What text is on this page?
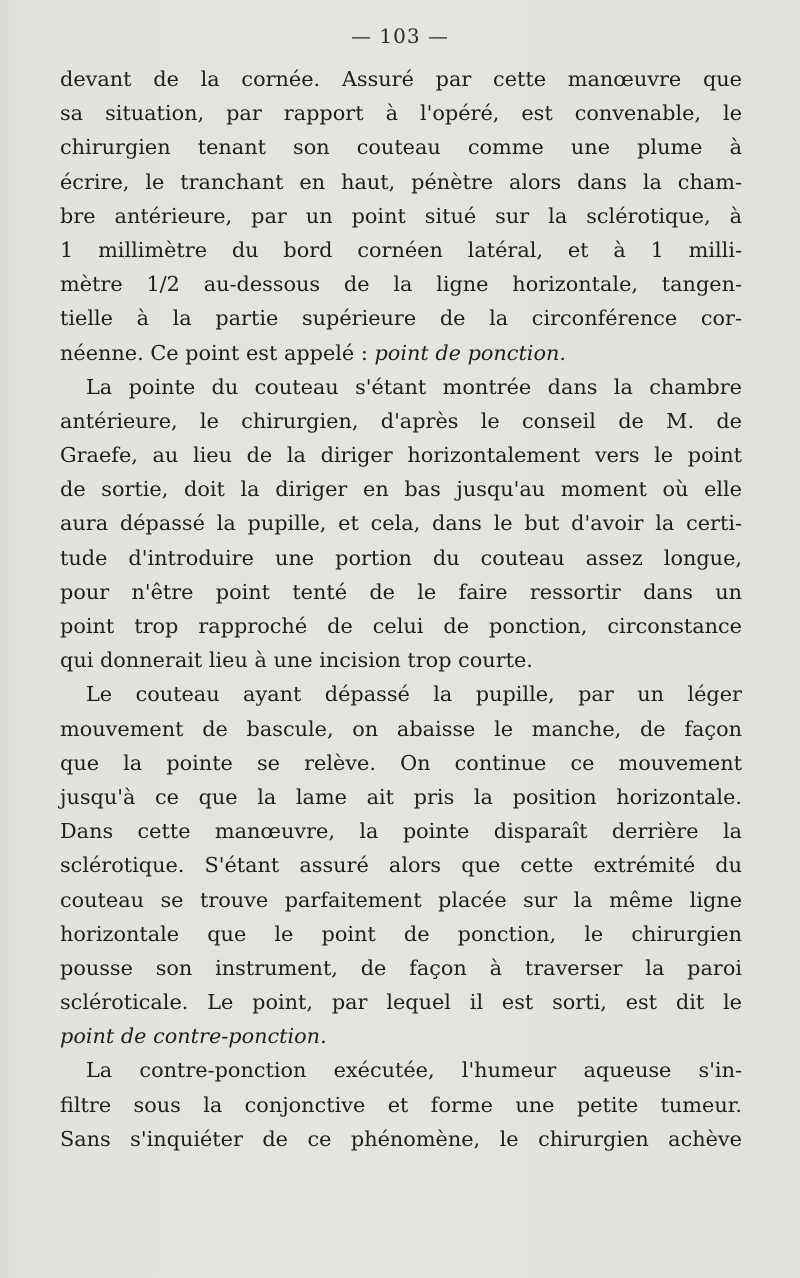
— 103 —
devant de la cornée. Assuré par cette manœuvre que
sa situation, par rapport à l'opéré, est convenable, le
chirurgien tenant son couteau comme une plume à
écrire, le tranchant en haut, pénètre alors dans la cham-
bre antérieure, par un point situé sur la sclérotique, à
1 millimètre du bord cornéen latéral, et à 1 milli-
mètre 1/2 au-dessous de la ligne horizontale, tangen-
tielle à la partie supérieure de la circonférence cor-
néenne. Ce point est appelé : point de ponction.
La pointe du couteau s'étant montrée dans la chambre
antérieure, le chirurgien, d'après le conseil de M. de
Graefe, au lieu de la diriger horizontalement vers le point
de sortie, doit la diriger en bas jusqu'au moment où elle
aura dépassé la pupille, et cela, dans le but d'avoir la certi-
tude d'introduire une portion du couteau assez longue,
pour n'être point tenté de le faire ressortir dans un
point trop rapproché de celui de ponction, circonstance
qui donnerait lieu à une incision trop courte.
Le couteau ayant dépassé la pupille, par un léger
mouvement de bascule, on abaisse le manche, de façon
que la pointe se relève. On continue ce mouvement
jusqu'à ce que la lame ait pris la position horizontale.
Dans cette manœuvre, la pointe disparaît derrière la
sclérotique. S'étant assuré alors que cette extrémité du
couteau se trouve parfaitement placée sur la même ligne
horizontale que le point de ponction, le chirurgien
pousse son instrument, de façon à traverser la paroi
scléroticale. Le point, par lequel il est sorti, est dit le
point de contre-ponction.
La contre-ponction exécutée, l'humeur aqueuse s'in-
filtre sous la conjonctive et forme une petite tumeur.
Sans s'inquiéter de ce phénomène, le chirurgien achève
